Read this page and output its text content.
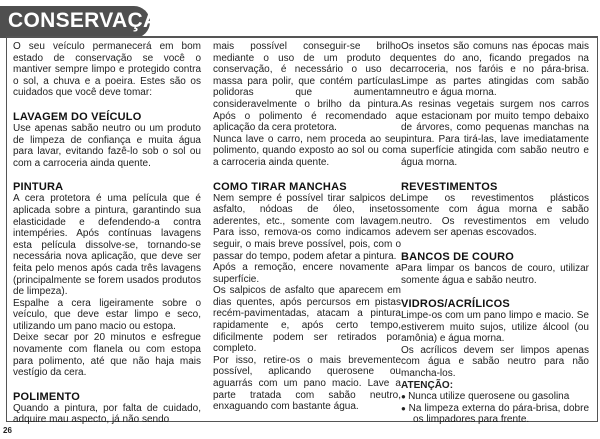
CONSERVAÇÃO

O seu veículo permanecerá em bom estado de conservação se você o mantiver sempre limpo e protegido contra o sol, a chuva e a poeira. Estes são os cuidados que você deve tomar:

LAVAGEM DO VEÍCULO

Use apenas sabão neutro ou um produto de limpeza de confiança e muita água para lavar, evitando fazê-lo sob o sol ou com a carroceria ainda quente.

PINTURA

A cera protetora é uma película que é aplicada sobre a pintura, garantindo sua elasticidade e defendendo-a contra intempéries. Após contínuas lavagens esta película dissolve-se, tornando-se necessária nova aplicação, que deve ser feita pelo menos após cada três lavagens (principalmente se forem usados produtos de limpeza).

Espalhe a cera ligeiramente sobre o veículo, que deve estar limpo e seco, utilizando um pano macio ou estopa.

Deixe secar por 20 minutos e esfregue novamente com flanela ou com estopa para polimento, até que não haja mais vestígio da cera.

POLIMENTO

Quando a pintura, por falta de cuidado, adquire mau aspecto, já não sendo

mais possível conseguir-se brilho mediante o uso de um produto de conservação, é necessário o uso de massa para polir, que contém partículas polidoras que aumentam consideravelmente o brilho da pintura. Após o polimento é recomendado a aplicação da cera protetora.

Nunca lave o carro, nem proceda ao seu polimento, quando exposto ao sol ou com a carroceria ainda quente.

COMO TIRAR MANCHAS

Nem sempre é possível tirar salpicos de asfalto, nódoas de óleo, insetos aderentes, etc., somente com lavagem. Para isso, remova-os como indicamos a seguir, o mais breve possível, pois, com o passar do tempo, podem afetar a pintura.

Após a remoção, encere novamente a superfície.

Os salpicos de asfalto que aparecem em dias quentes, após percursos em pistas recém-pavimentadas, atacam a pintura rapidamente e, após certo tempo, dificilmente podem ser retirados por completo.

Por isso, retire-os o mais brevemente possível, aplicando querosene ou aguarrás com um pano macio. Lave a parte tratada com sabão neutro, enxaguando com bastante água.

Os insetos são comuns nas épocas mais quentes do ano, ficando pregados na carroceria, nos faróis e no pára-brisa. Limpe as partes atingidas com sabão neutro e água morna.

As resinas vegetais surgem nos carros que estacionam por muito tempo debaixo de árvores, como pequenas manchas na pintura. Para tirá-las, lave imediatamente a superfície atingida com sabão neutro e água morna.

REVESTIMENTOS

Limpe os revestimentos plásticos somente com água morna e sabão neutro. Os revestimentos em veludo devem ser apenas escovados.

BANCOS DE COURO

Para limpar os bancos de couro, utilizar somente água e sabão neutro.

VIDROS/ACRÍLICOS

Limpe-os com um pano limpo e macio. Se estiverem muito sujos, utilize álcool (ou amônia) e água morna.

Os acrílicos devem ser limpos apenas com água e sabão neutro para não mancha-los.

ATENÇÃO:

● Nunca utilize querosene ou gasolina

● Na limpeza externa do pára-brisa, dobre os limpadores para frente.

26
